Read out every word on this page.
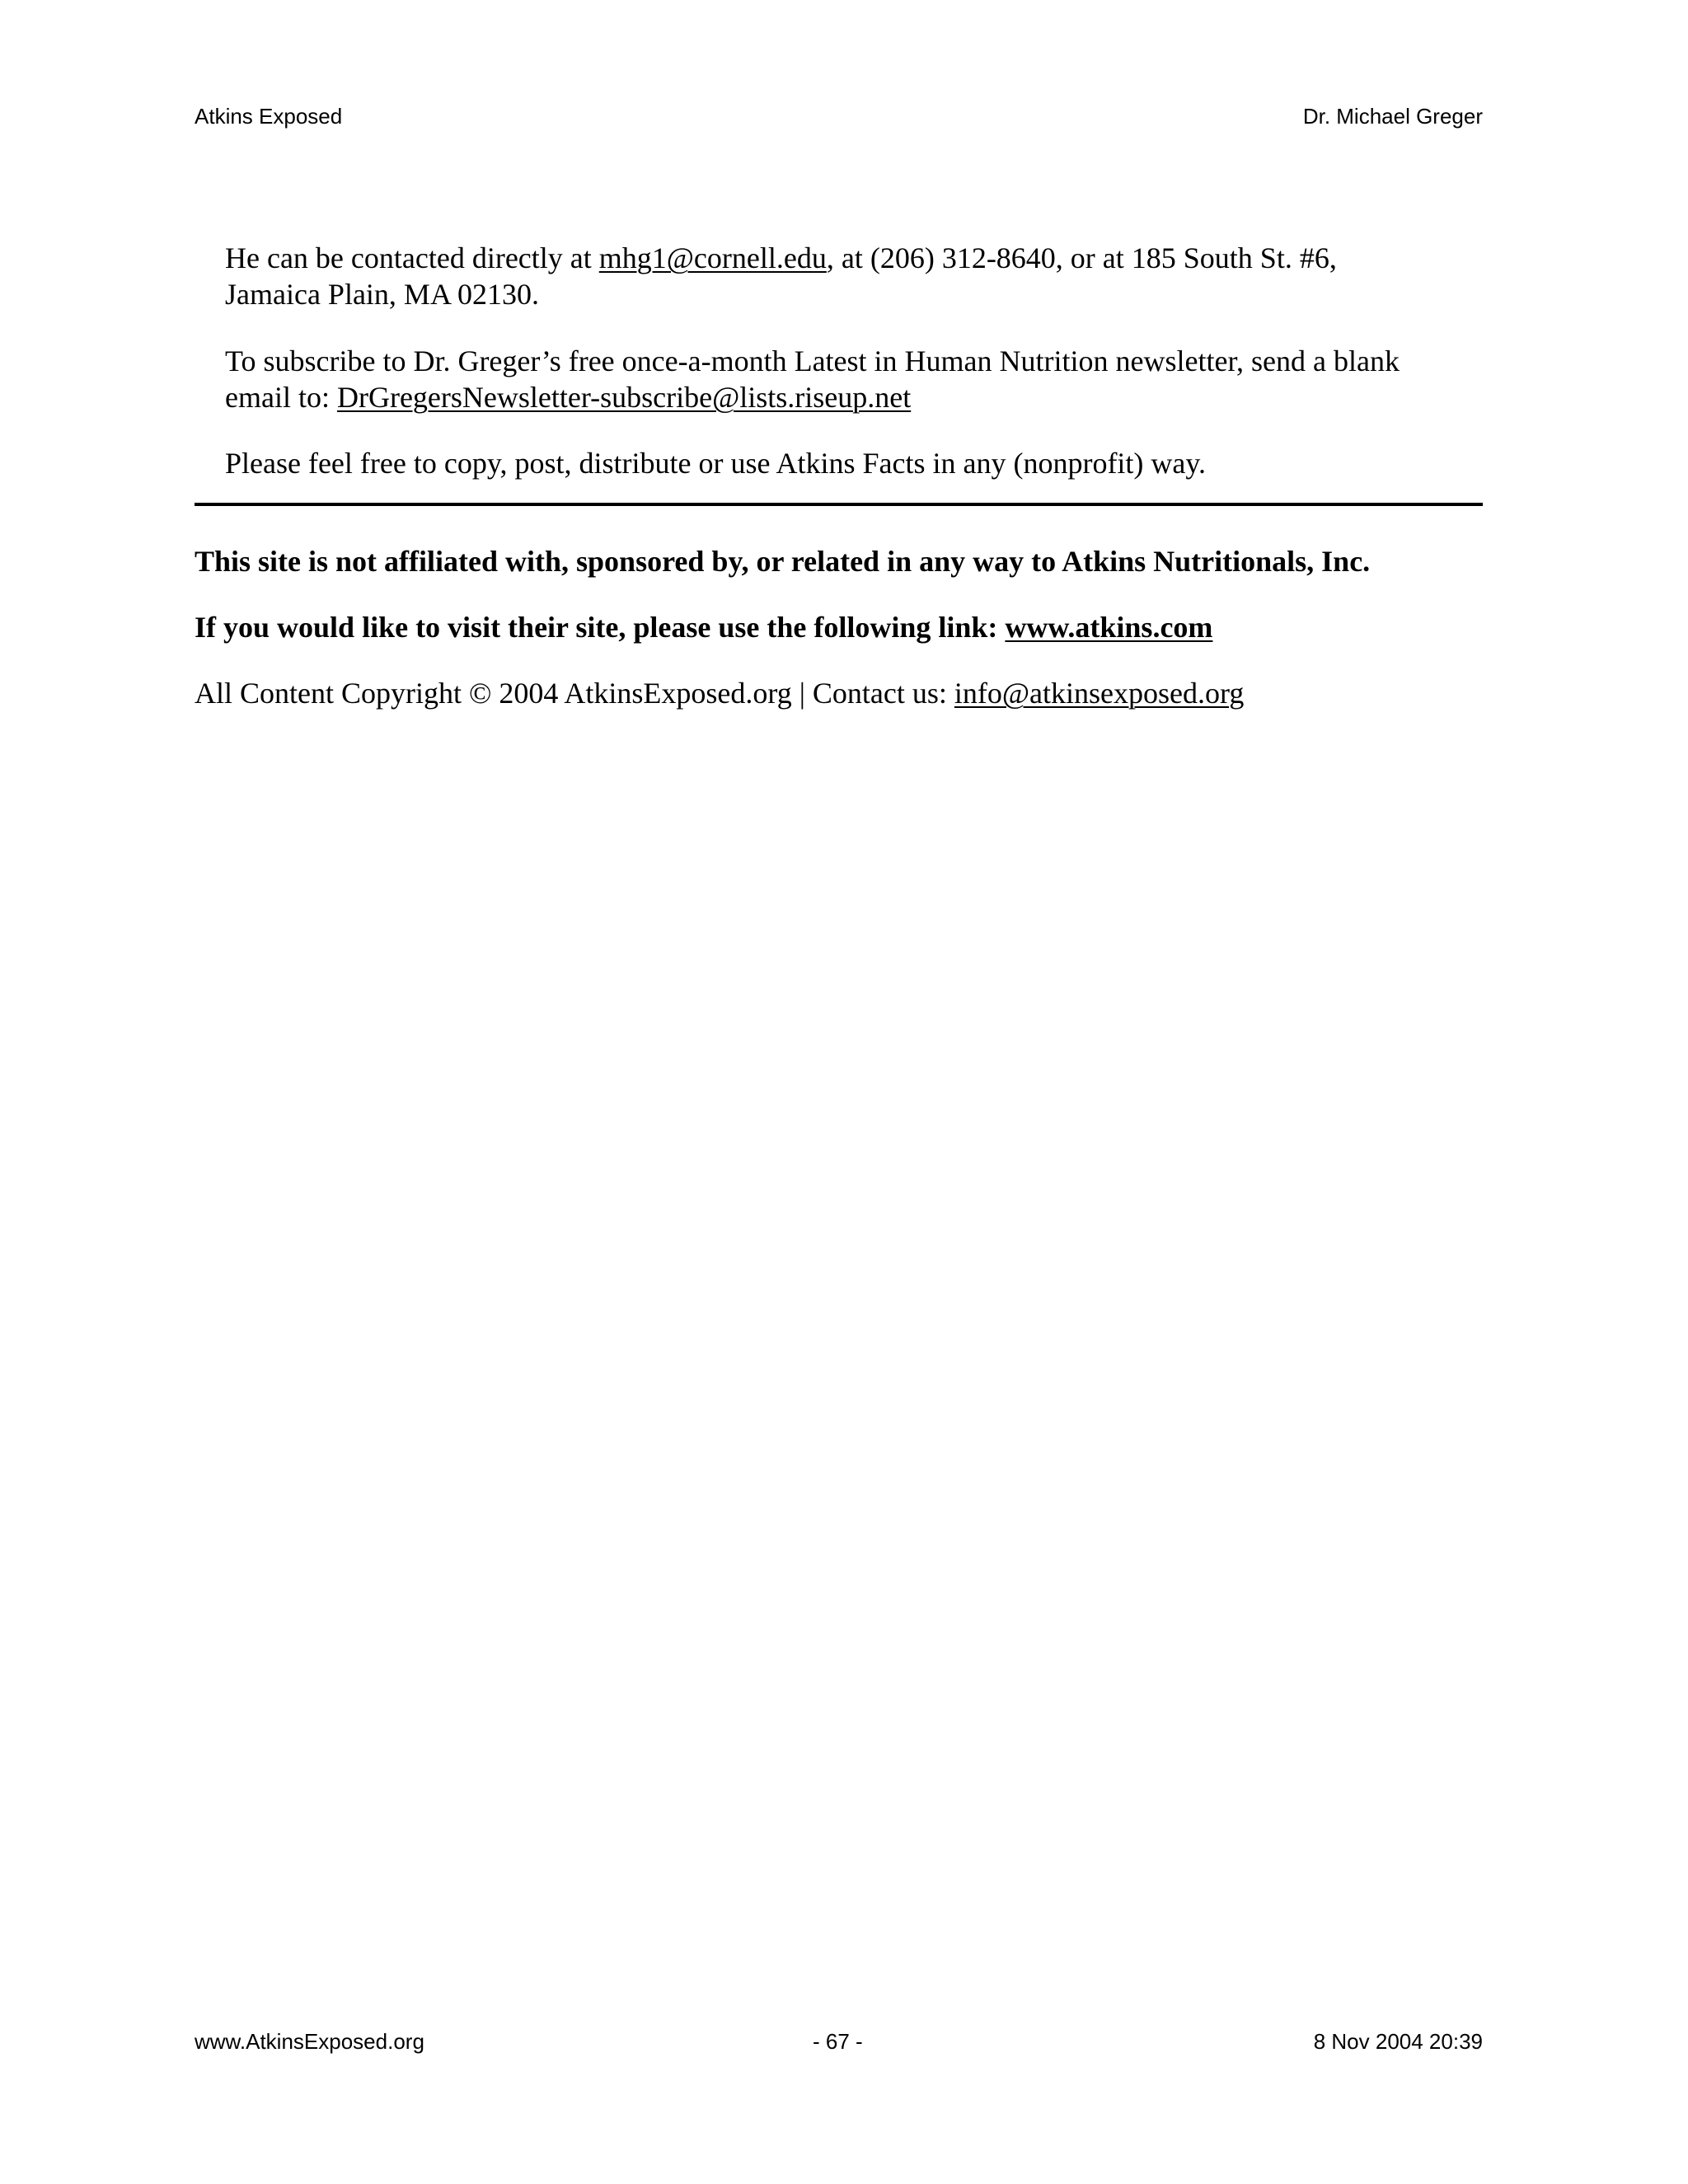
Atkins Exposed	Dr. Michael Greger

He can be contacted directly at mhg1@cornell.edu, at (206) 312-8640, or at 185 South St. #6,
Jamaica Plain, MA 02130.

To subscribe to Dr. Greger’s free once-a-month Latest in Human Nutrition newsletter, send a blank
email to: DrGregersNewsletter-subscribe@lists.riseup.net

Please feel free to copy, post, distribute or use Atkins Facts in any (nonprofit) way.

This site is not affiliated with, sponsored by, or related in any way to Atkins Nutritionals, Inc.

If you would like to visit their site, please use the following link: www.atkins.com

All Content Copyright © 2004 AtkinsExposed.org | Contact us: info@atkinsexposed.org

www.AtkinsExposed.org	- 67 -	8 Nov 2004 20:39
